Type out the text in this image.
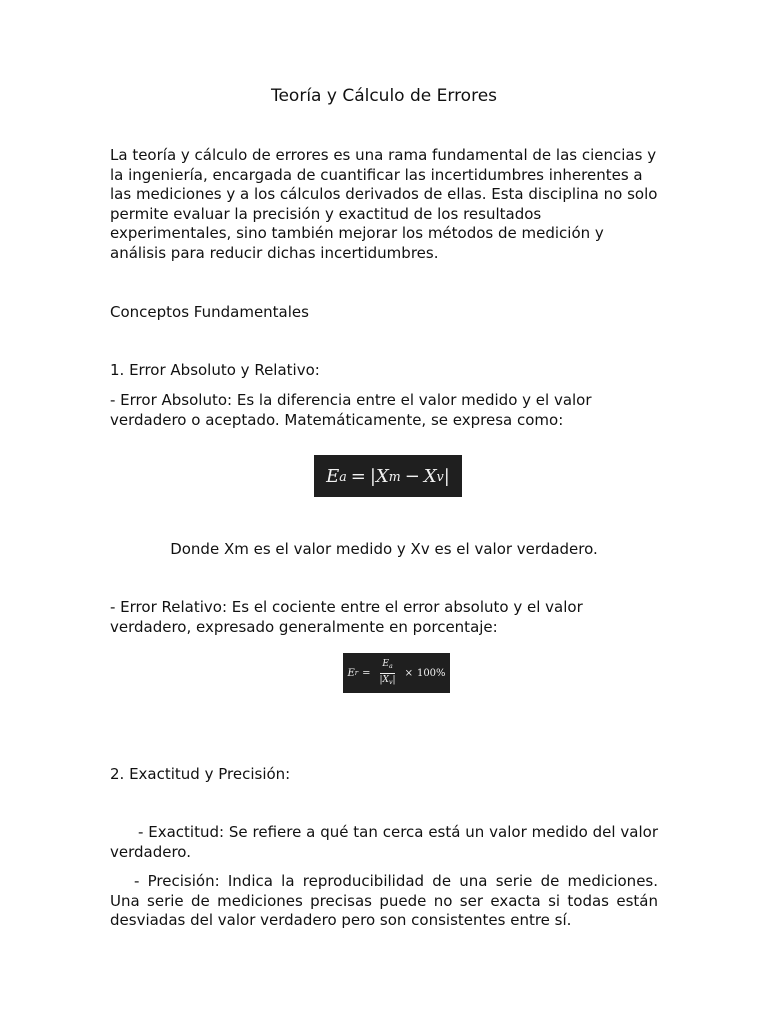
Teoría y Cálculo de Errores
La teoría y cálculo de errores es una rama fundamental de las ciencias y la ingeniería, encargada de cuantificar las incertidumbres inherentes a las mediciones y a los cálculos derivados de ellas. Esta disciplina no solo permite evaluar la precisión y exactitud de los resultados experimentales, sino también mejorar los métodos de medición y análisis para reducir dichas incertidumbres.
Conceptos Fundamentales
1. Error Absoluto y Relativo:
- Error Absoluto: Es la diferencia entre el valor medido y el valor verdadero o aceptado. Matemáticamente, se expresa como:
E a = | X m − X v |
Donde Xm es el valor medido y Xv es el valor verdadero.
- Error Relativo: Es el cociente entre el error absoluto y el valor verdadero, expresado generalmente en porcentaje:
E $r = \frac{E_a}{|X_v|} \times 100\%$
2. Exactitud y Precisión:
- Exactitud: Se refiere a qué tan cerca está un valor medido del valor verdadero.
- Precisión: Indica la reproducibilidad de una serie de mediciones. Una serie de mediciones precisas puede no ser exacta si todas están desviadas del valor verdadero pero son consistentes entre sí.
